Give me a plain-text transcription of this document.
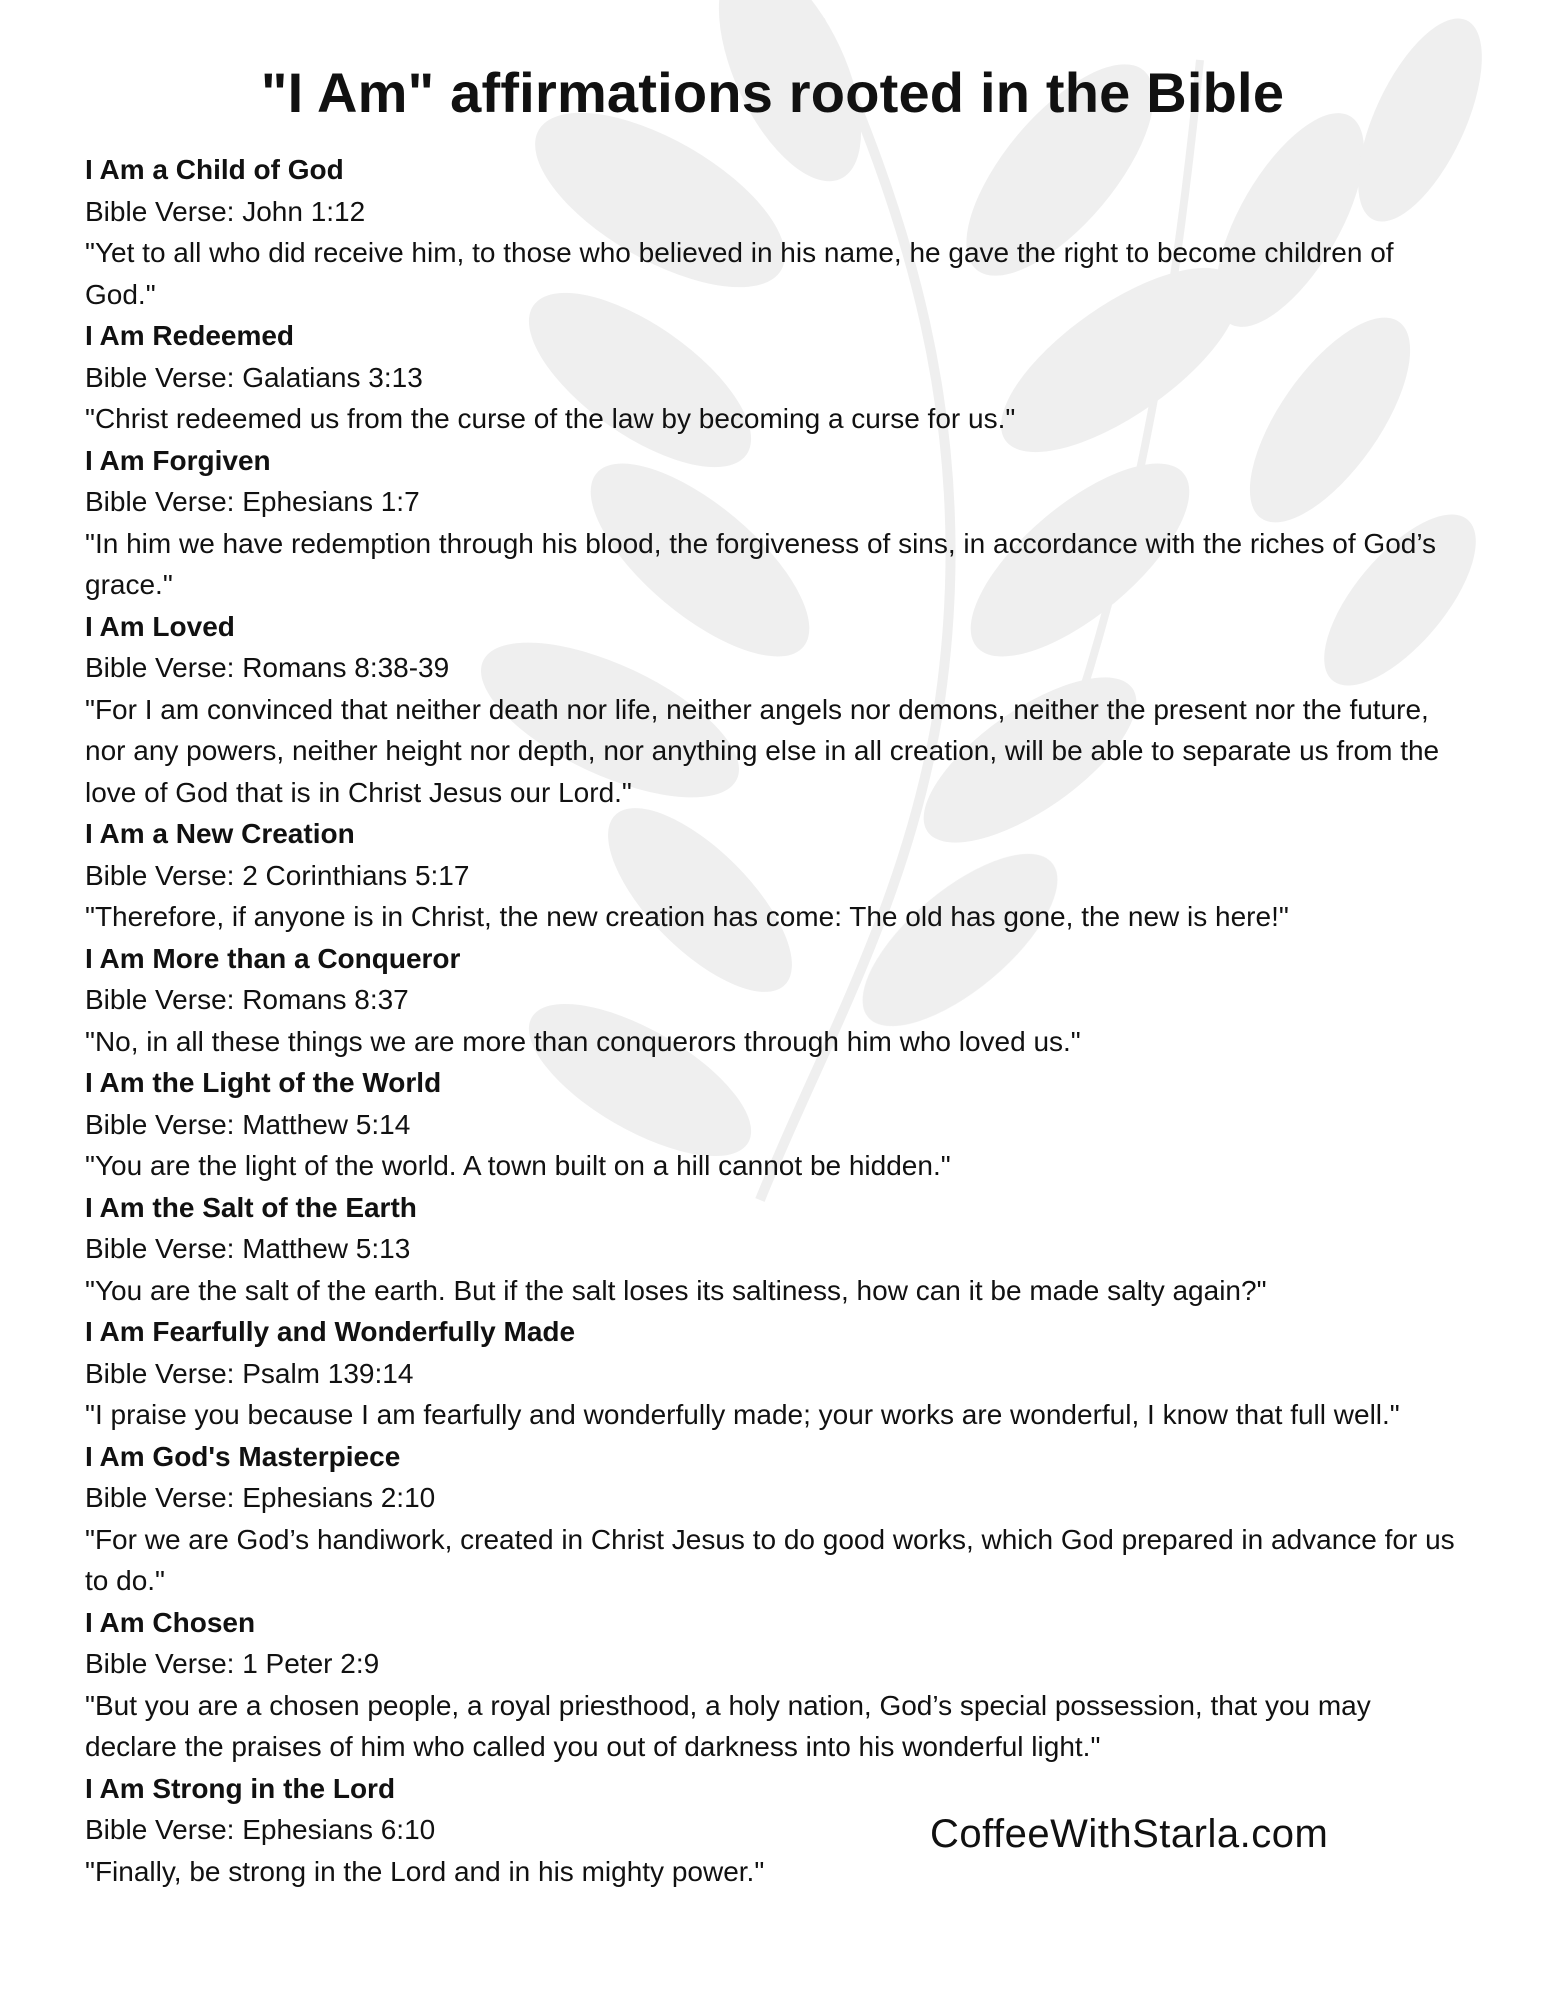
"I Am" affirmations rooted in the Bible
I Am a Child of God
Bible Verse: John 1:12
"Yet to all who did receive him, to those who believed in his name, he gave the right to become children of God."
I Am Redeemed
Bible Verse: Galatians 3:13
"Christ redeemed us from the curse of the law by becoming a curse for us."
I Am Forgiven
Bible Verse: Ephesians 1:7
"In him we have redemption through his blood, the forgiveness of sins, in accordance with the riches of God’s grace."
I Am Loved
Bible Verse: Romans 8:38-39
"For I am convinced that neither death nor life, neither angels nor demons, neither the present nor the future, nor any powers, neither height nor depth, nor anything else in all creation, will be able to separate us from the love of God that is in Christ Jesus our Lord."
I Am a New Creation
Bible Verse: 2 Corinthians 5:17
"Therefore, if anyone is in Christ, the new creation has come: The old has gone, the new is here!"
I Am More than a Conqueror
Bible Verse: Romans 8:37
"No, in all these things we are more than conquerors through him who loved us."
I Am the Light of the World
Bible Verse: Matthew 5:14
"You are the light of the world. A town built on a hill cannot be hidden."
I Am the Salt of the Earth
Bible Verse: Matthew 5:13
"You are the salt of the earth. But if the salt loses its saltiness, how can it be made salty again?"
I Am Fearfully and Wonderfully Made
Bible Verse: Psalm 139:14
"I praise you because I am fearfully and wonderfully made; your works are wonderful, I know that full well."
I Am God's Masterpiece
Bible Verse: Ephesians 2:10
"For we are God’s handiwork, created in Christ Jesus to do good works, which God prepared in advance for us to do."
I Am Chosen
Bible Verse: 1 Peter 2:9
"But you are a chosen people, a royal priesthood, a holy nation, God’s special possession, that you may declare the praises of him who called you out of darkness into his wonderful light."
I Am Strong in the Lord
Bible Verse: Ephesians 6:10
"Finally, be strong in the Lord and in his mighty power."
CoffeeWithStarla.com
